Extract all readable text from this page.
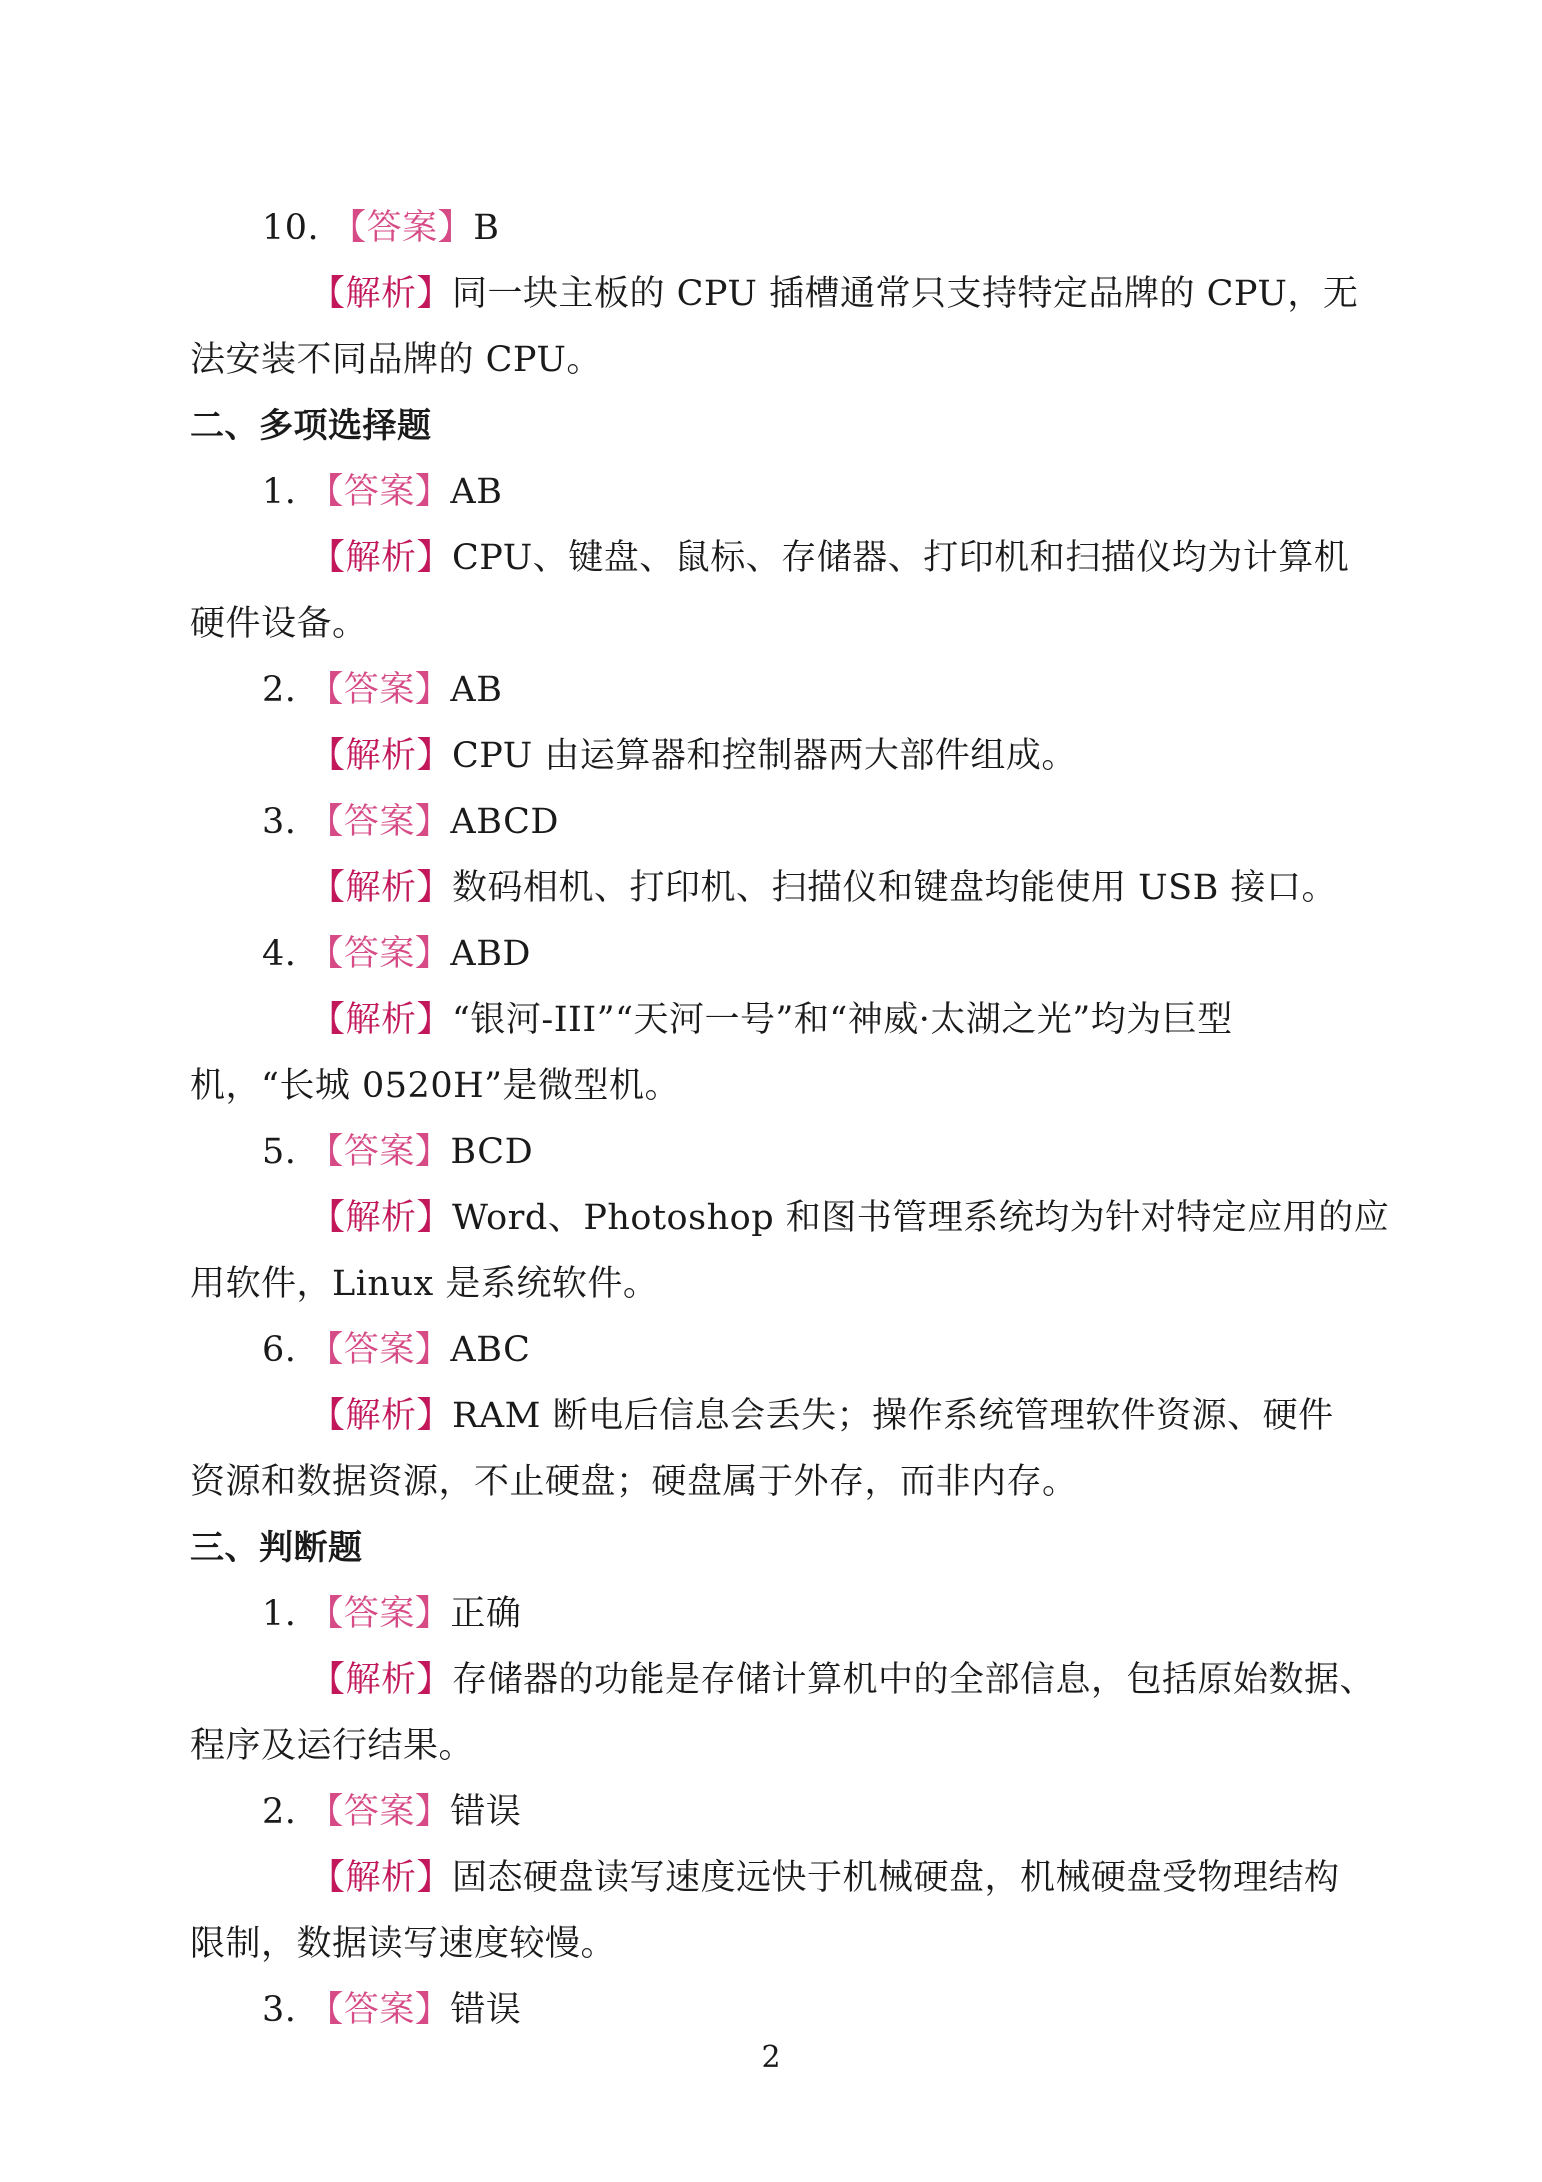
10. 【答案】B
【解析】同一块主板的 CPU 插槽通常只支持特定品牌的 CPU，无
法安装不同品牌的 CPU。
二、多项选择题
1. 【答案】AB
【解析】CPU、键盘、鼠标、存储器、打印机和扫描仪均为计算机
硬件设备。
2. 【答案】AB
【解析】CPU 由运算器和控制器两大部件组成。
3. 【答案】ABCD
【解析】数码相机、打印机、扫描仪和键盘均能使用 USB 接口。
4. 【答案】ABD
【解析】“银河-III”“天河一号”和“神威·太湖之光”均为巨型
机，“长城 0520H”是微型机。
5. 【答案】BCD
【解析】Word、Photoshop 和图书管理系统均为针对特定应用的应
用软件，Linux 是系统软件。
6. 【答案】ABC
【解析】RAM 断电后信息会丢失；操作系统管理软件资源、硬件
资源和数据资源，不止硬盘；硬盘属于外存，而非内存。
三、判断题
1. 【答案】正确
【解析】存储器的功能是存储计算机中的全部信息，包括原始数据、
程序及运行结果。
2. 【答案】错误
【解析】固态硬盘读写速度远快于机械硬盘，机械硬盘受物理结构
限制，数据读写速度较慢。
3. 【答案】错误
2
